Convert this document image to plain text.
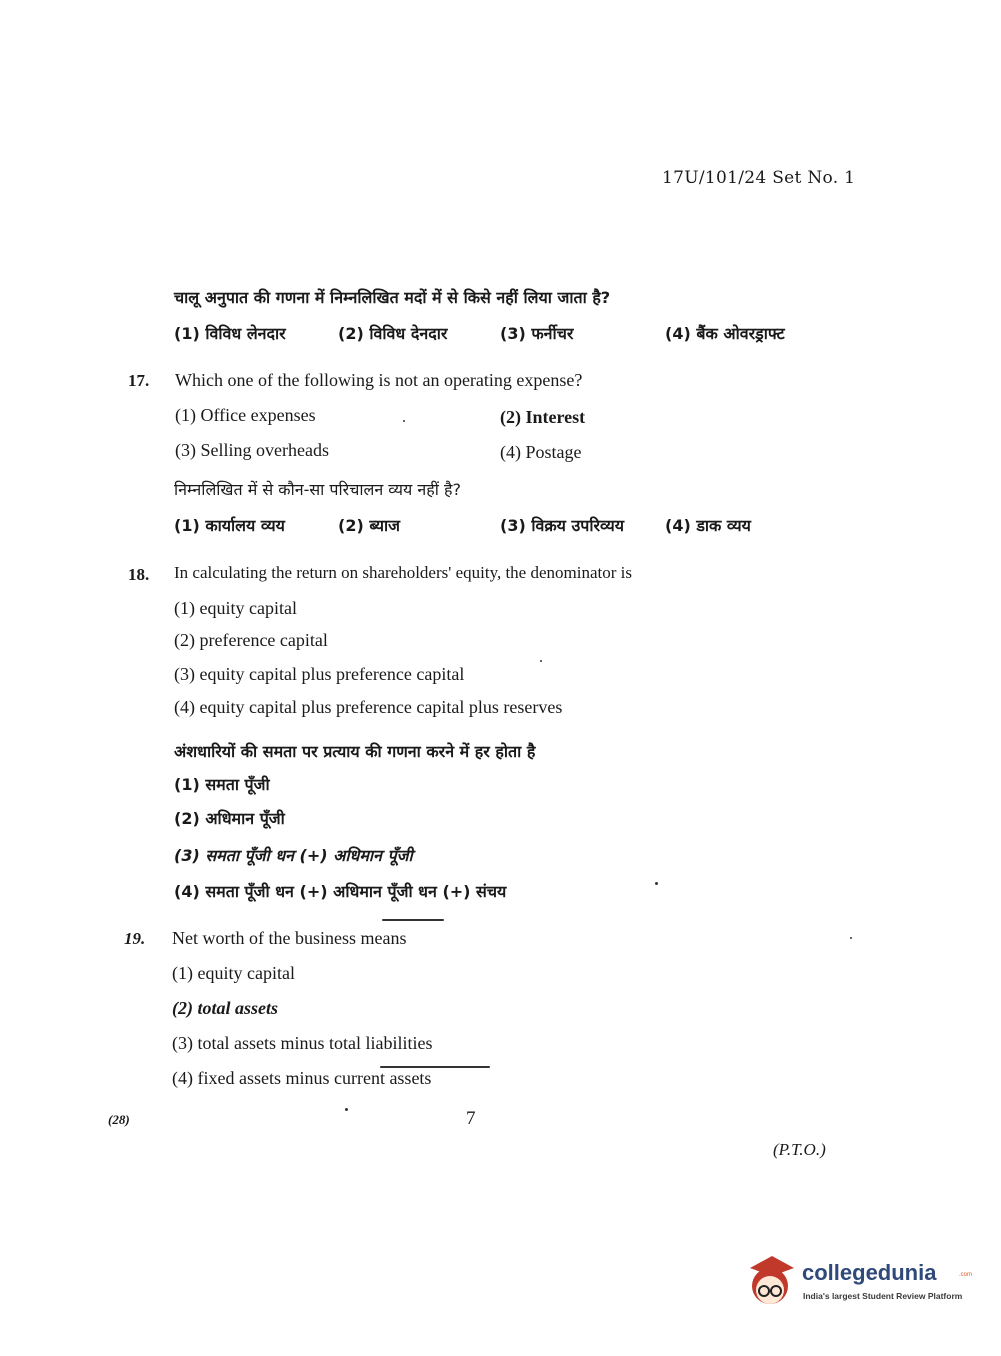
17U/101/24 Set No. 1
चालू अनुपात की गणना में निम्नलिखित मदों में से किसे नहीं लिया जाता है?
(1) विविध लेनदार	(2) विविध देनदार	(3) फर्नीचर	(4) बैंक ओवरड्राफ्ट
17. Which one of the following is not an operating expense?
(1) Office expenses	(2) Interest
(3) Selling overheads	(4) Postage
निम्नलिखित में से कौन-सा परिचालन व्यय नहीं है?
(1) कार्यालय व्यय	(2) ब्याज	(3) विक्रय उपरिव्यय	(4) डाक व्यय
18. In calculating the return on shareholders' equity, the denominator is
(1) equity capital
(2) preference capital
(3) equity capital plus preference capital
(4) equity capital plus preference capital plus reserves
अंशधारियों की समता पर प्रत्याय की गणना करने में हर होता है
(1) समता पूँजी
(2) अधिमान पूँजी
(3) समता पूँजी धन (+) अधिमान पूँजी
(4) समता पूँजी धन (+) अधिमान पूँजी धन (+) संचय
19. Net worth of the business means
(1) equity capital
(2) total assets
(3) total assets minus total liabilities
(4) fixed assets minus current assets
(28)	7
(P.T.O.)
collegedunia	.com
India's largest Student Review Platform
